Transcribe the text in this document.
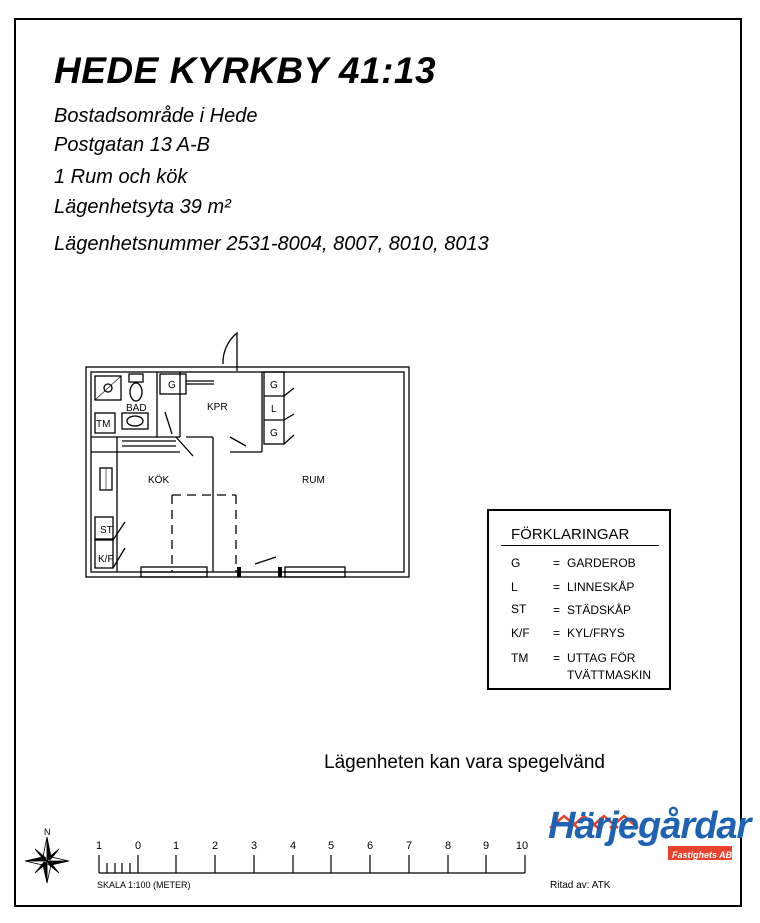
HEDE KYRKBY 41:13
Bostadsområde i Hede
Postgatan 13 A-B
1 Rum och kök
Lägenhetsyta 39 m²
Lägenhetsnummer 2531-8004, 8007, 8010, 8013
BAD	KPR
KÖK	RUM
G
TM
G
L
G
ST
K/F
FÖRKLARINGAR
G	= GARDEROB
L	= LINNESKÅP
ST = STÄDSKÅP
K/F = KYL/FRYS
TM = UTTAG FÖR
TVÄTTMASKIN
Lägenheten kan vara spegelvänd
N
1	0	1	2	3	4	5	6	7	8	9 10
SKALA 1:100 (METER)
Härjegårdar
Fastighets AB
Ritad av: ATK
